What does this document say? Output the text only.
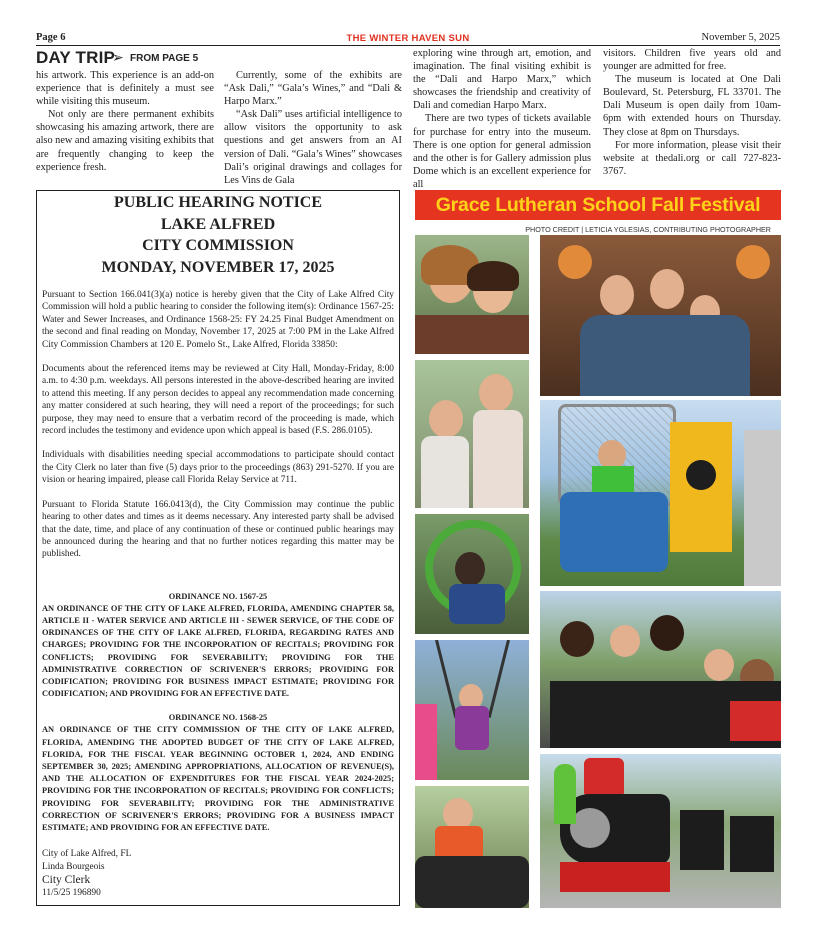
Page 6	THE WINTER HAVEN SUN	November 5, 2025
DAY TRIP
➢ FROM PAGE 5

his artwork. This experience is an add-on experience that is definitely a must see while visiting this museum.

Not only are there permanent exhibits showcasing his amazing artwork, there are also new and amazing visiting exhibits that are frequently changing to keep the experience fresh.

Currently, some of the exhibits are “Ask Dali,” “Gala’s Wines,” and “Dali & Harpo Marx.”

“Ask Dali” uses artificial intelligence to allow visitors the opportunity to ask questions and get answers from an AI version of Dali. “Gala’s Wines” showcases Dali’s original drawings and collages for Les Vins de Gala

exploring wine through art, emotion, and imagination. The final visiting exhibit is the “Dali and Harpo Marx,” which showcases the friendship and creativity of Dali and comedian Harpo Marx.

There are two types of tickets available for purchase for entry into the museum. There is one option for general admission and the other is for Gallery admission plus Dome which is an excellent experience for all

visitors. Children five years old and younger are admitted for free.

The museum is located at One Dali Boulevard, St. Petersburg, FL 33701. The Dali Museum is open daily from 10am-6pm with extended hours on Thursday. They close at 8pm on Thursdays.

For more information, please visit their website at thedali.org or call 727-823-3767.

PUBLIC HEARING NOTICE
LAKE ALFRED
CITY COMMISSION
MONDAY, NOVEMBER 17, 2025

Pursuant to Section 166.041(3)(a) notice is hereby given that the City of Lake Alfred City Commission will hold a public hearing to consider the following item(s): Ordinance 1567-25: Water and Sewer Increases, and Ordinance 1568-25: FY 24.25 Final Budget Amendment on the second and final reading on Monday, November 17, 2025 at 7:00 PM in the Lake Alfred City Commission Chambers at 120 E. Pomelo St., Lake Alfred, Florida 33850:

Documents about the referenced items may be reviewed at City Hall, Monday-Friday, 8:00 a.m. to 4:30 p.m. weekdays. All persons interested in the above-described hearing are invited to attend this meeting. If any person decides to appeal any recommendation made concerning any matter considered at such hearing, they will need a report of the proceedings; for such purpose, they may need to ensure that a verbatim record of the proceeding is made, which record includes the testimony and evidence upon which appeal is based (F.S. 286.0105).

Individuals with disabilities needing special accommodations to participate should contact the City Clerk no later than five (5) days prior to the proceedings (863) 291-5270. If you are vision or hearing impaired, please call Florida Relay Service at 711.

Pursuant to Florida Statute 166.0413(d), the City Commission may continue the public hearing to other dates and times as it deems necessary. Any interested party shall be advised that the date, time, and place of any continuation of these or continued public hearings may be announced during the hearing and that no further notices regarding this matter may be published.

ORDINANCE NO. 1567-25

AN ORDINANCE OF THE CITY OF LAKE ALFRED, FLORIDA, AMENDING CHAPTER 58, ARTICLE II - WATER SERVICE AND ARTICLE III - SEWER SERVICE, OF THE CODE OF ORDINANCES OF THE CITY OF LAKE ALFRED, FLORIDA, REGARDING RATES AND CHARGES; PROVIDING FOR THE INCORPORATION OF RECITALS; PROVIDING FOR CONFLICTS; PROVIDING FOR SEVERABILITY; PROVIDING FOR THE ADMINISTRATIVE CORRECTION OF SCRIVENER'S ERRORS; PROVIDING FOR CODIFICATION; PROVIDING FOR BUSINESS IMPACT ESTIMATE; PROVIDING FOR CODIFICATION; AND PROVIDING FOR AN EFFECTIVE DATE.

ORDINANCE NO. 1568-25

AN ORDINANCE OF THE CITY COMMISSION OF THE CITY OF LAKE ALFRED, FLORIDA, AMENDING THE ADOPTED BUDGET OF THE CITY OF LAKE ALFRED, FLORIDA, FOR THE FISCAL YEAR BEGINNING OCTOBER 1, 2024, AND ENDING SEPTEMBER 30, 2025; AMENDING APPROPRIATIONS, ALLOCATION OF REVENUE(S), AND THE ALLOCATION OF EXPENDITURES FOR THE FISCAL YEAR 2024-2025; PROVIDING FOR THE INCORPORATION OF RECITALS; PROVIDING FOR CONFLICTS; PROVIDING FOR SEVERABILITY; PROVIDING FOR THE ADMINISTRATIVE CORRECTION OF SCRIVENER'S ERRORS; PROVIDING FOR A BUSINESS IMPACT ESTIMATE; AND PROVIDING FOR AN EFFECTIVE DATE.

City of Lake Alfred, FL

Linda Bourgeois

City Clerk

11/5/25 196890

Grace Lutheran School Fall Festival
PHOTO CREDIT | LETICIA YGLESIAS, CONTRIBUTING PHOTOGRAPHER
